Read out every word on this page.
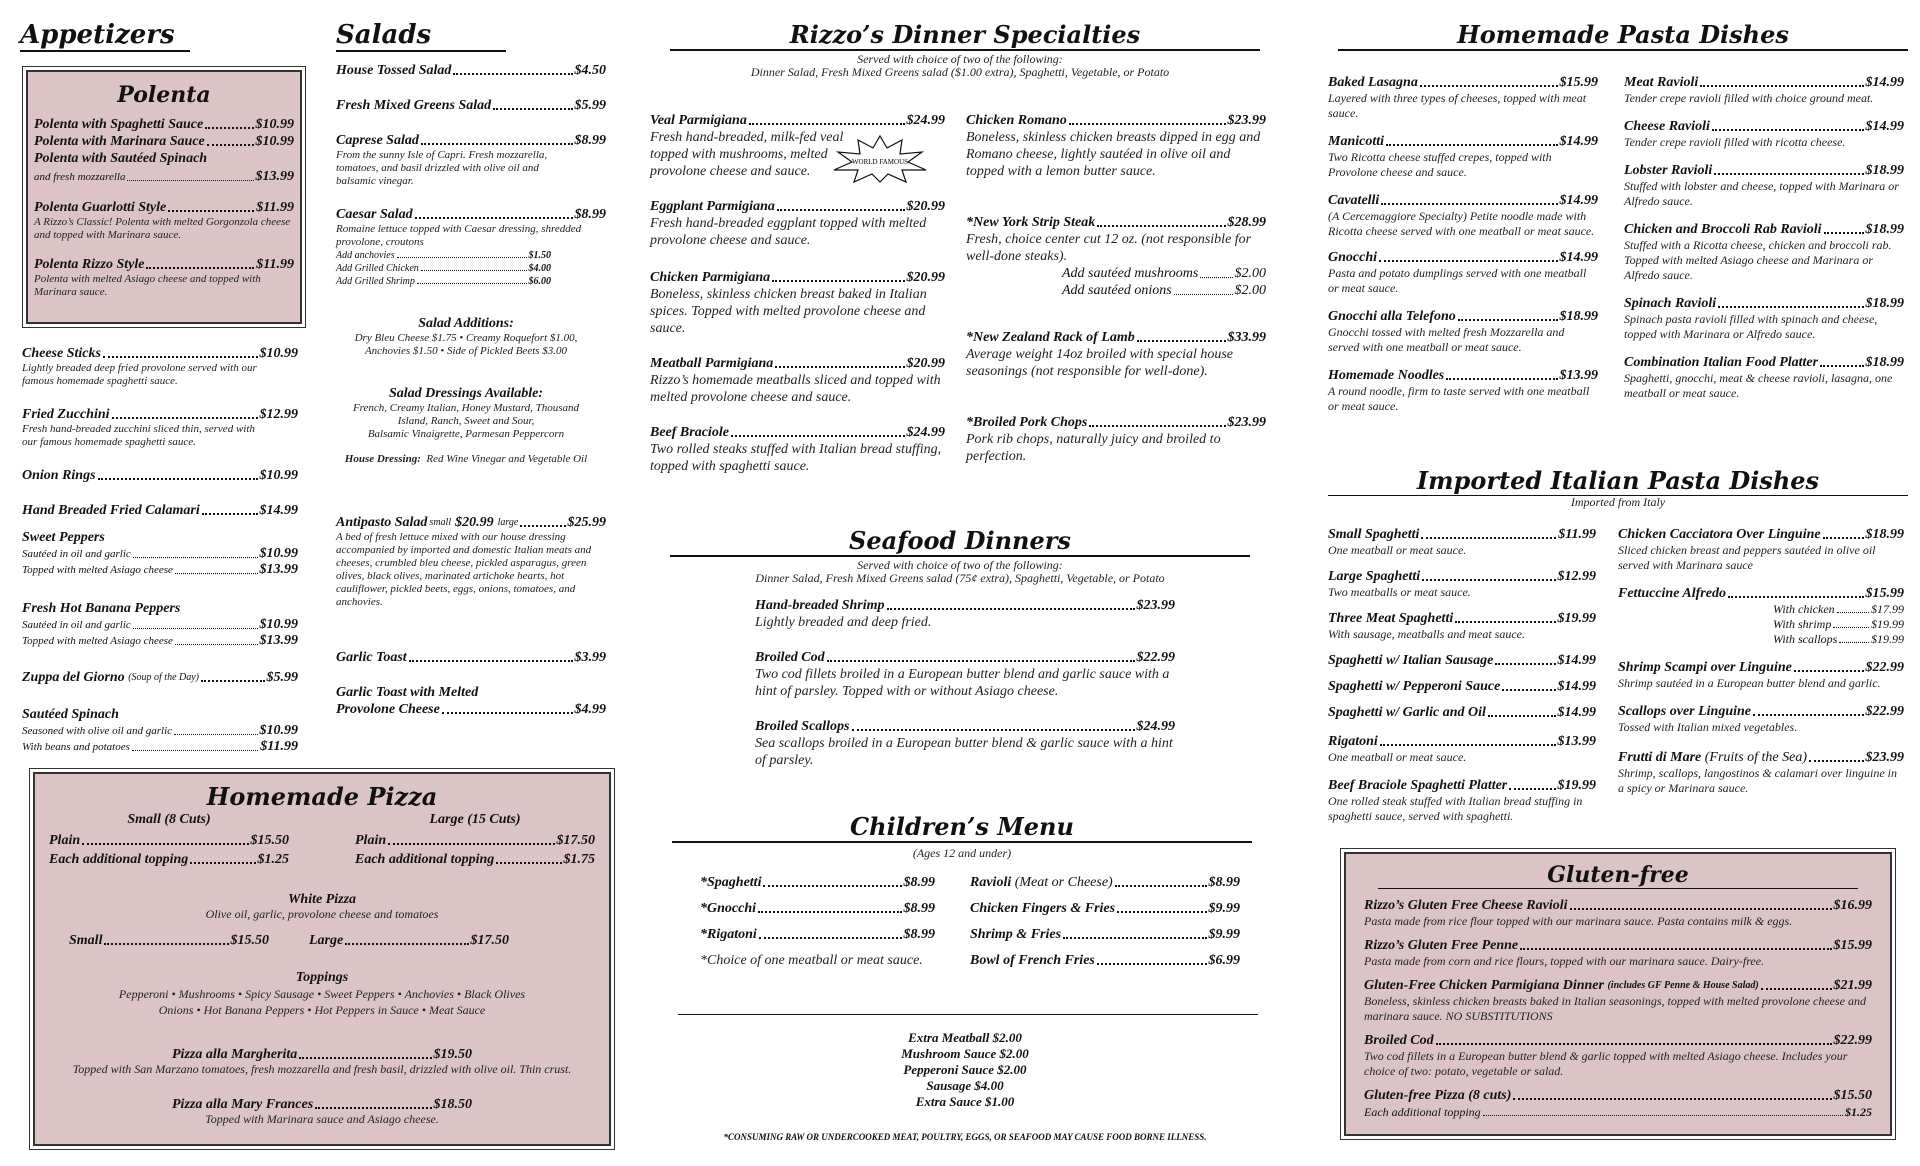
Appetizers
Polenta
Polenta with Spaghetti Sauce	$10.99
Polenta with Marinara Sauce	$10.99
Polenta with Sautéed Spinach
and fresh mozzarella	$13.99
Polenta Guarlotti Style	$11.99
A Rizzo’s Classic! Polenta with melted Gorgonzola cheese and topped with Marinara sauce.
Polenta Rizzo Style	$11.99
Polenta with melted Asiago cheese and topped with Marinara sauce.
Cheese Sticks	$10.99
Lightly breaded deep fried provolone served with our famous homemade spaghetti sauce.
Fried Zucchini	$12.99
Fresh hand-breaded zucchini sliced thin, served with our famous homemade spaghetti sauce.
Onion Rings	$10.99
Hand Breaded Fried Calamari	$14.99
Sweet Peppers
Sautéed in oil and garlic	$10.99
Topped with melted Asiago cheese	$13.99
Fresh Hot Banana Peppers
Sautéed in oil and garlic	$10.99
Topped with melted Asiago cheese	$13.99
Zuppa del Giorno
(Soup of the Day)	$5.99
Sautéed Spinach
Seasoned with olive oil and garlic	$10.99
With beans and potatoes	$11.99
Salads
House Tossed Salad	$4.50
Fresh Mixed Greens Salad	$5.99
Caprese Salad	$8.99
From the sunny Isle of Capri. Fresh mozzarella, tomatoes, and basil drizzled with olive oil and balsamic vinegar.
Caesar Salad	$8.99
Romaine lettuce topped with Caesar dressing, shredded provolone, croutons
Add anchovies	$1.50
Add Grilled Chicken	$4.00
Add Grilled Shrimp	$6.00
Salad Additions:
Dry Bleu Cheese $1.75 • Creamy Roquefort $1.00,
Anchovies $1.50 • Side of Pickled Beets $3.00
Salad Dressings Available:
French, Creamy Italian, Honey Mustard, Thousand
Island, Ranch, Sweet and Sour,
Balsamic Vinaigrette, Parmesan Peppercorn
House Dressing: Red Wine Vinegar and Vegetable Oil
Antipasto Salad small $20.99 large	$25.99
A bed of fresh lettuce mixed with our house dressing accompanied by imported and domestic Italian meats and cheeses, crumbled bleu cheese, pickled asparagus, green olives, black olives, marinated artichoke hearts, hot cauliflower, pickled beets, eggs, onions, tomatoes, and anchovies.
Garlic Toast	$3.99
Garlic Toast with Melted
Provolone Cheese	$4.99
Homemade Pizza
Small (8 Cuts)
Plain	$15.50
Each additional topping	$1.25
Large (15 Cuts)
Plain	$17.50
Each additional topping	$1.75
White Pizza
Olive oil, garlic, provolone cheese and tomatoes
Small	$15.50	Large	$17.50
Toppings
Pepperoni • Mushrooms • Spicy Sausage • Sweet Peppers • Anchovies • Black Olives
Onions • Hot Banana Peppers • Hot Peppers in Sauce • Meat Sauce
Pizza alla Margherita	$19.50
Topped with San Marzano tomatoes, fresh mozzarella and fresh basil, drizzled with olive oil. Thin crust.
Pizza alla Mary Frances	$18.50
Topped with Marinara sauce and Asiago cheese.
Rizzo’s Dinner Specialties
Served with choice of two of the following:
Dinner Salad, Fresh Mixed Greens salad ($1.00 extra), Spaghetti, Vegetable, or Potato
Veal Parmigiana	$24.99
Fresh hand-breaded, milk-fed veal topped with mushrooms, melted provolone cheese and sauce.
WORLD FAMOUS
Eggplant Parmigiana	$20.99
Fresh hand-breaded eggplant topped with melted provolone cheese and sauce.
Chicken Parmigiana	$20.99
Boneless, skinless chicken breast baked in Italian spices. Topped with melted provolone cheese and sauce.
Meatball Parmigiana	$20.99
Rizzo’s homemade meatballs sliced and topped with melted provolone cheese and sauce.
Beef Braciole	$24.99
Two rolled steaks stuffed with Italian bread stuffing, topped with spaghetti sauce.
Chicken Romano	$23.99
Boneless, skinless chicken breasts dipped in egg and Romano cheese, lightly sautéed in olive oil and topped with a lemon butter sauce.
*New York Strip Steak	$28.99
Fresh, choice center cut 12 oz. (not responsible for well-done steaks).
Add sautéed mushrooms	$2.00
Add sautéed onions	$2.00
*New Zealand Rack of Lamb	$33.99
Average weight 14oz broiled with special house seasonings (not responsible for well-done).
*Broiled Pork Chops	$23.99
Pork rib chops, naturally juicy and broiled to perfection.
Seafood Dinners
Served with choice of two of the following:
Dinner Salad, Fresh Mixed Greens salad (75¢ extra), Spaghetti, Vegetable, or Potato
Hand-breaded Shrimp	$23.99
Lightly breaded and deep fried.
Broiled Cod	$22.99
Two cod fillets broiled in a European butter blend and garlic sauce with a hint of parsley. Topped with or without Asiago cheese.
Broiled Scallops	$24.99
Sea scallops broiled in a European butter blend & garlic sauce with a hint of parsley.
Children’s Menu
(Ages 12 and under)
*Spaghetti	$8.99
*Gnocchi	$8.99
*Rigatoni	$8.99
*Choice of one meatball or meat sauce.
Ravioli
(Meat or Cheese)	$8.99
Chicken Fingers & Fries	$9.99
Shrimp & Fries	$9.99
Bowl of French Fries	$6.99
Extra Meatball $2.00
Mushroom Sauce $2.00
Pepperoni Sauce $2.00
Sausage $4.00
Extra Sauce $1.00
*CONSUMING RAW OR UNDERCOOKED MEAT, POULTRY, EGGS, OR SEAFOOD MAY CAUSE FOOD BORNE ILLNESS.
Homemade Pasta Dishes
Baked Lasagna	$15.99
Layered with three types of cheeses, topped with meat sauce.
Manicotti	$14.99
Two Ricotta cheese stuffed crepes, topped with Provolone cheese and sauce.
Cavatelli	$14.99
(A Cercemaggiore Specialty) Petite noodle made with Ricotta cheese served with one meatball or meat sauce.
Gnocchi	$14.99
Pasta and potato dumplings served with one meatball or meat sauce.
Gnocchi alla Telefono	$18.99
Gnocchi tossed with melted fresh Mozzarella and served with one meatball or meat sauce.
Homemade Noodles	$13.99
A round noodle, firm to taste served with one meatball or meat sauce.
Meat Ravioli	$14.99
Tender crepe ravioli filled with choice ground meat.
Cheese Ravioli	$14.99
Tender crepe ravioli filled with ricotta cheese.
Lobster Ravioli	$18.99
Stuffed with lobster and cheese, topped with Marinara or Alfredo sauce.
Chicken and Broccoli Rab Ravioli	$18.99
Stuffed with a Ricotta cheese, chicken and broccoli rab. Topped with melted Asiago cheese and Marinara or Alfredo sauce.
Spinach Ravioli	$18.99
Spinach pasta ravioli filled with spinach and cheese, topped with Marinara or Alfredo sauce.
Combination Italian Food Platter	$18.99
Spaghetti, gnocchi, meat & cheese ravioli, lasagna, one meatball or meat sauce.
Imported Italian Pasta Dishes
Imported from Italy
Small Spaghetti	$11.99
One meatball or meat sauce.
Large Spaghetti	$12.99
Two meatballs or meat sauce.
Three Meat Spaghetti	$19.99
With sausage, meatballs and meat sauce.
Spaghetti w/ Italian Sausage	$14.99
Spaghetti w/ Pepperoni Sauce	$14.99
Spaghetti w/ Garlic and Oil	$14.99
Rigatoni	$13.99
One meatball or meat sauce.
Beef Braciole Spaghetti Platter	$19.99
One rolled steak stuffed with Italian bread stuffing in spaghetti sauce, served with spaghetti.
Chicken Cacciatora Over Linguine	$18.99
Sliced chicken breast and peppers sautéed in olive oil served with Marinara sauce
Fettuccine Alfredo	$15.99
With chicken	$17.99
With shrimp	$19.99
With scallops	$19.99
Shrimp Scampi over Linguine	$22.99
Shrimp sautéed in a European butter blend and garlic.
Scallops over Linguine	$22.99
Tossed with Italian mixed vegetables.
Frutti di Mare
(Fruits of the Sea)	$23.99
Shrimp, scallops, langostinos & calamari over linguine in a spicy or Marinara sauce.
Gluten-free
Rizzo’s Gluten Free Cheese Ravioli	$16.99
Pasta made from rice flour topped with our marinara sauce. Pasta contains milk & eggs.
Rizzo’s Gluten Free Penne	$15.99
Pasta made from corn and rice flours, topped with our marinara sauce. Dairy-free.
Gluten-Free Chicken Parmigiana Dinner
(includes GF Penne & House Salad)	$21.99
Boneless, skinless chicken breasts baked in Italian seasonings, topped with melted provolone cheese and marinara sauce. NO SUBSTITUTIONS
Broiled Cod	$22.99
Two cod fillets in a European butter blend & garlic topped with melted Asiago cheese. Includes your choice of two: potato, vegetable or salad.
Gluten-free Pizza (8 cuts)	$15.50
Each additional topping	$1.25
